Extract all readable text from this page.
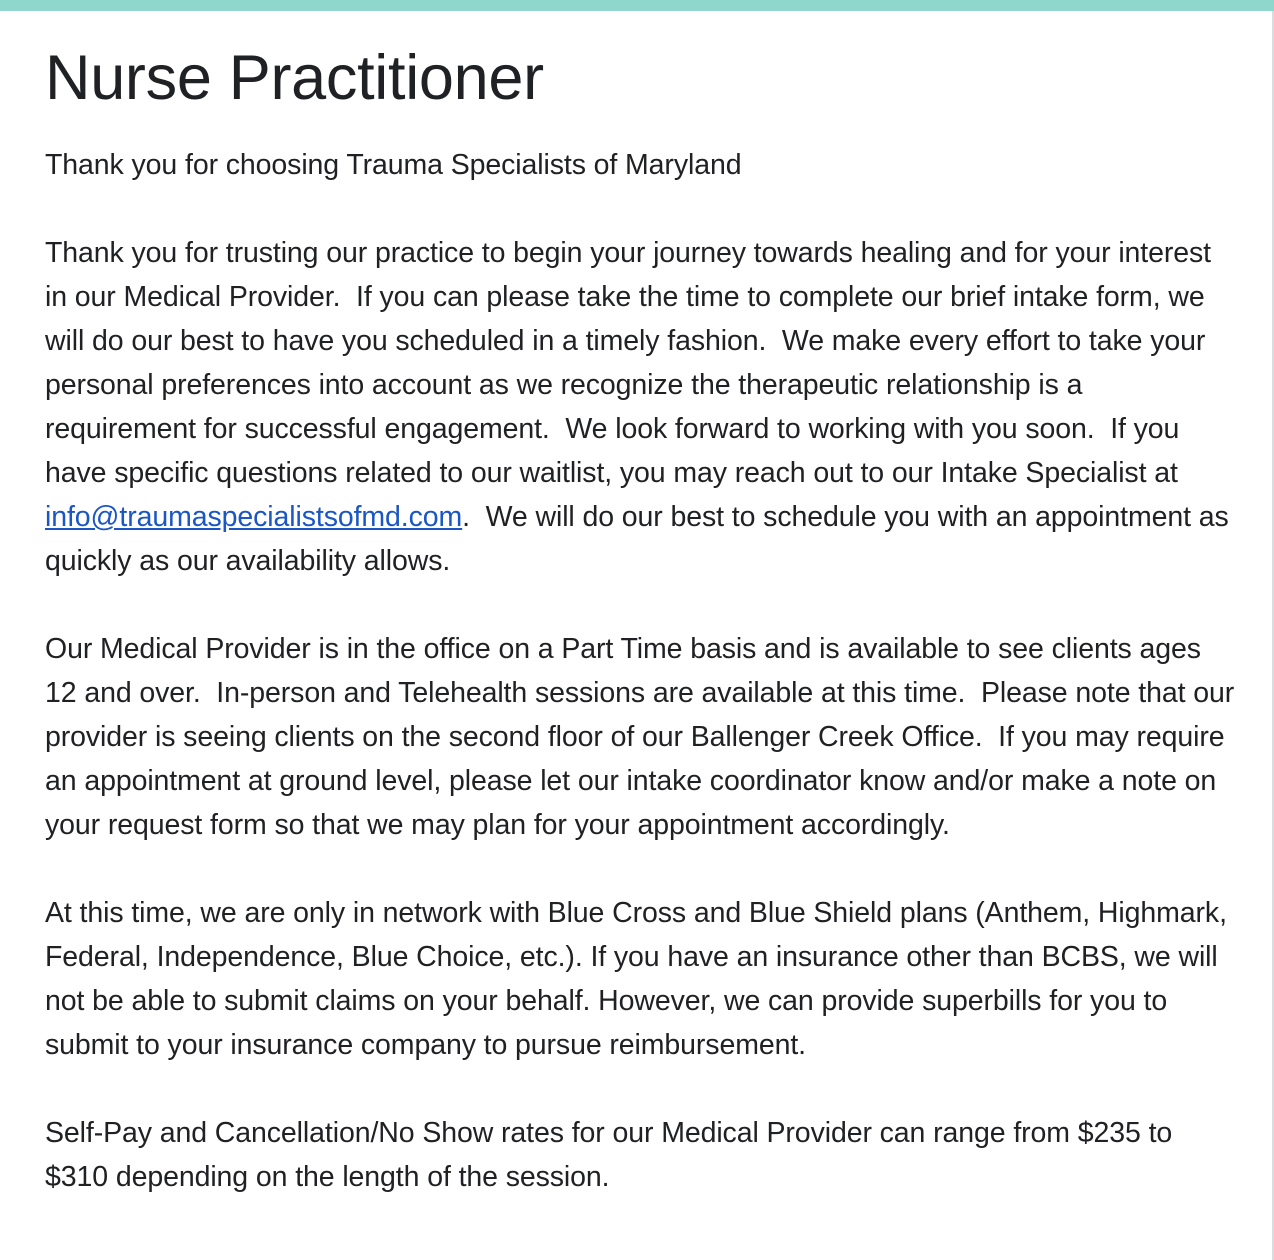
Nurse Practitioner

Thank you for choosing Trauma Specialists of Maryland

Thank you for trusting our practice to begin your journey towards healing and for your interest in our Medical Provider.  If you can please take the time to complete our brief intake form, we will do our best to have you scheduled in a timely fashion.  We make every effort to take your personal preferences into account as we recognize the therapeutic relationship is a requirement for successful engagement.  We look forward to working with you soon.  If you have specific questions related to our waitlist, you may reach out to our Intake Specialist at info@traumaspecialistsofmd.com.  We will do our best to schedule you with an appointment as quickly as our availability allows.

Our Medical Provider is in the office on a Part Time basis and is available to see clients ages 12 and over.  In-person and Telehealth sessions are available at this time.  Please note that our provider is seeing clients on the second floor of our Ballenger Creek Office.  If you may require an appointment at ground level, please let our intake coordinator know and/or make a note on your request form so that we may plan for your appointment accordingly.

At this time, we are only in network with Blue Cross and Blue Shield plans (Anthem, Highmark, Federal, Independence, Blue Choice, etc.). If you have an insurance other than BCBS, we will not be able to submit claims on your behalf. However, we can provide superbills for you to submit to your insurance company to pursue reimbursement.

Self-Pay and Cancellation/No Show rates for our Medical Provider can range from $235 to $310 depending on the length of the session.
